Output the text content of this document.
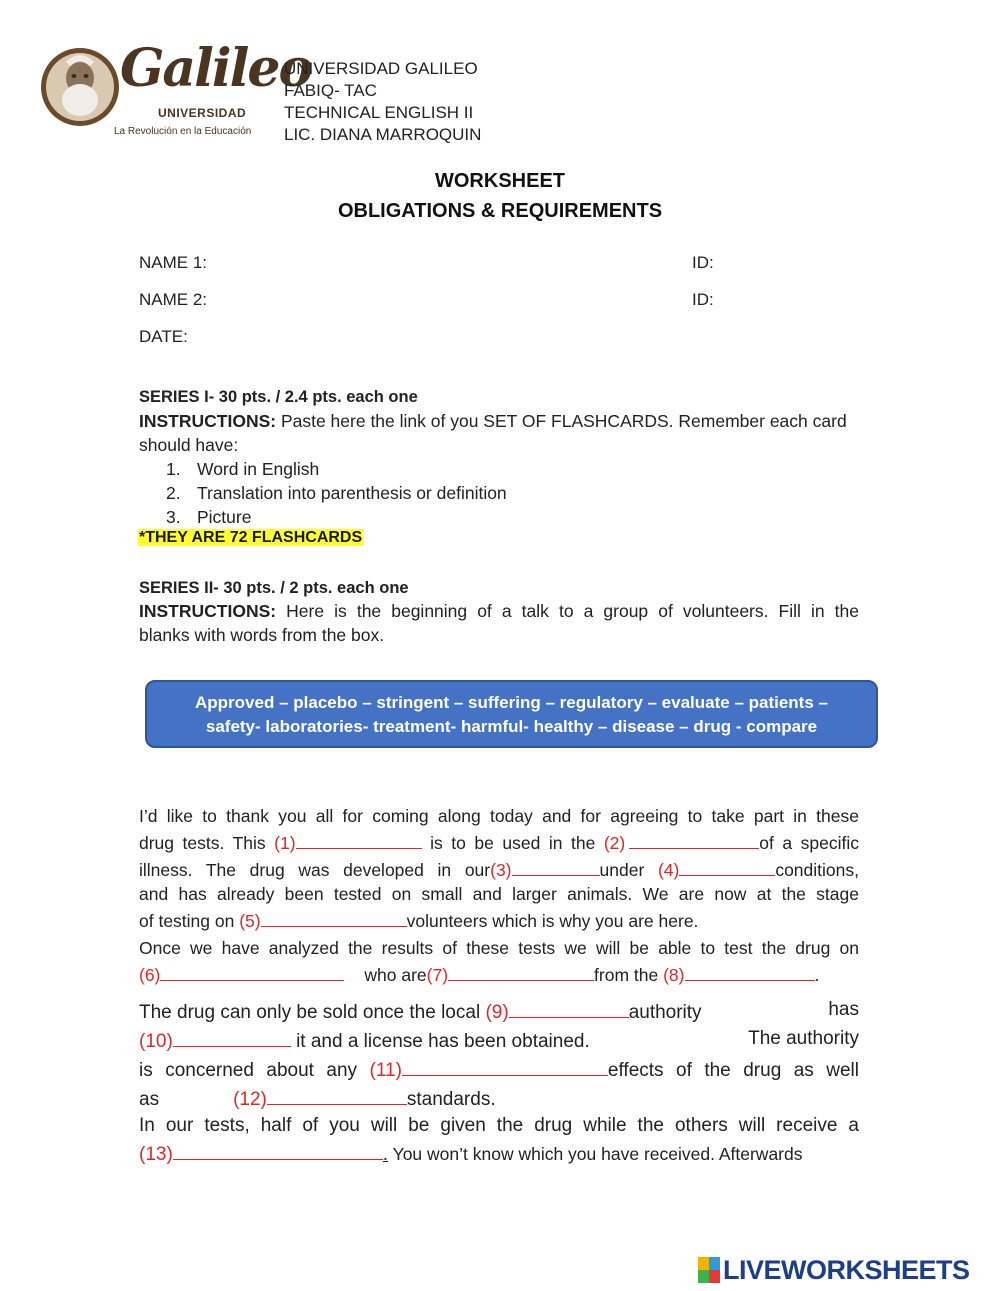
Galileo
UNIVERSIDAD
La Revolución en la Educación
UNIVERSIDAD GALILEO
FABIQ- TAC
TECHNICAL ENGLISH II
LIC. DIANA MARROQUIN
WORKSHEET
OBLIGATIONS & REQUIREMENTS
NAME 1:	ID:
NAME 2:	ID:
DATE:
SERIES I- 30 pts. / 2.4 pts. each one
INSTRUCTIONS: Paste here the link of you SET OF FLASHCARDS. Remember each card
should have:
1. Word in English
2. Translation into parenthesis or definition
3. Picture
*THEY ARE 72 FLASHCARDS
SERIES II- 30 pts. / 2 pts. each one
INSTRUCTIONS: Here is the beginning of a talk to a group of volunteers. Fill in the
blanks with words from the box.
Approved – placebo – stringent – suffering – regulatory – evaluate – patients –
safety- laboratories- treatment- harmful- healthy – disease – drug - compare
I’d like to thank you all for coming along today and for agreeing to take part in these
drug tests. This (1)	is to be used in the (2)	of a specific
illness. The drug was developed in our(3)	under (4)	conditions,
and has already been tested on small and larger animals. We are now at the stage
of testing on (5)	volunteers which is why you are here.
Once we have analyzed the results of these tests we will be able to test the drug on
(6)	who are(7)	from the (8)	.
The drug can only be sold once the local (9)	authority	has
(10)	it and a license has been obtained.	The authority
is concerned about any (11)	effects of the drug as well
as	(12)	standards.
In our tests, half of you will be given the drug while the others will receive a
(13)	. You won’t know which you have received. Afterwards
LIVEWORKSHEETS
